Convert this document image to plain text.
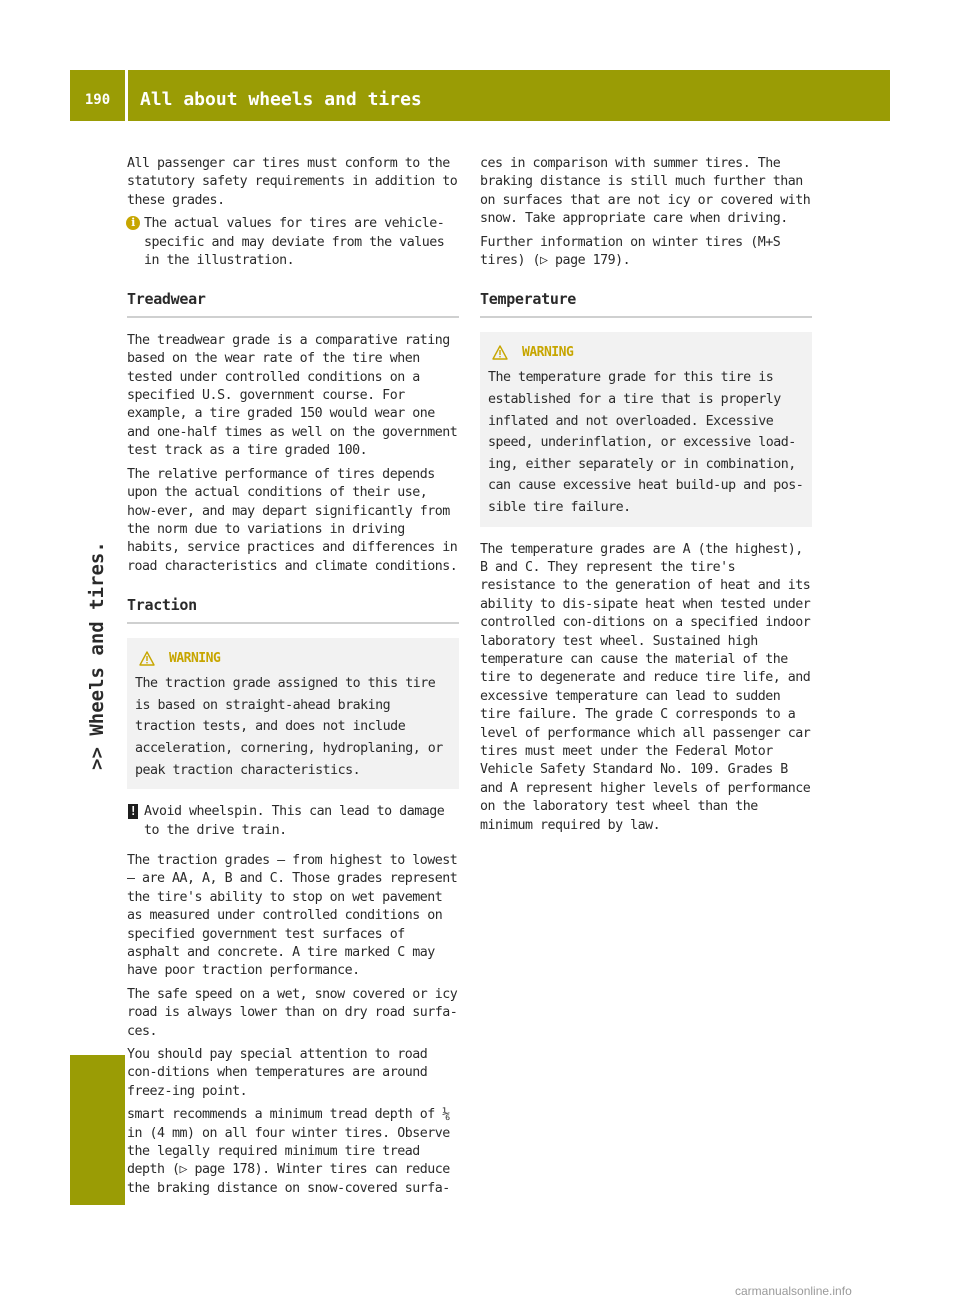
190	All about wheels and tires
>> Wheels and tires.

All passenger car tires must conform to the statutory safety requirements in addition to these grades.

i The actual values for tires are vehicle-specific and may deviate from the values in the illustration.
Treadwear

The treadwear grade is a comparative rating based on the wear rate of the tire when tested under controlled conditions on a specified U.S. government course. For example, a tire graded 150 would wear one and one-half times as well on the government test track as a tire graded 100.

The relative performance of tires depends upon the actual conditions of their use, how-ever, and may depart significantly from the norm due to variations in driving habits, service practices and differences in road characteristics and climate conditions.

Traction
WARNING
The traction grade assigned to this tire is based on straight-ahead braking traction tests, and does not include acceleration, cornering, hydroplaning, or peak traction characteristics.
! Avoid wheelspin. This can lead to damage to the drive train.

The traction grades – from highest to lowest – are AA, A, B and C. Those grades represent the tire's ability to stop on wet pavement as measured under controlled conditions on specified government test surfaces of asphalt and concrete. A tire marked C may have poor traction performance.

The safe speed on a wet, snow covered or icy road is always lower than on dry road surfa-ces.

You should pay special attention to road con-ditions when temperatures are around freez-ing point.

smart recommends a minimum tread depth of ⅙ in (4 mm) on all four winter tires. Observe the legally required minimum tire tread depth (▷ page 178). Winter tires can reduce the braking distance on snow-covered surfa-

ces in comparison with summer tires. The braking distance is still much further than on surfaces that are not icy or covered with snow. Take appropriate care when driving.

Further information on winter tires (M+S tires) (▷ page 179).

Temperature
WARNING
The temperature grade for this tire is established for a tire that is properly inflated and not overloaded. Excessive speed, underinflation, or excessive load-ing, either separately or in combination, can cause excessive heat build-up and pos-sible tire failure.

The temperature grades are A (the highest), B and C. They represent the tire's resistance to the generation of heat and its ability to dis-sipate heat when tested under controlled con-ditions on a specified indoor laboratory test wheel. Sustained high temperature can cause the material of the tire to degenerate and reduce tire life, and excessive temperature can lead to sudden tire failure. The grade C corresponds to a level of performance which all passenger car tires must meet under the Federal Motor Vehicle Safety Standard No. 109. Grades B and A represent higher levels of performance on the laboratory test wheel than the minimum required by law.

carmanualsonline.info
